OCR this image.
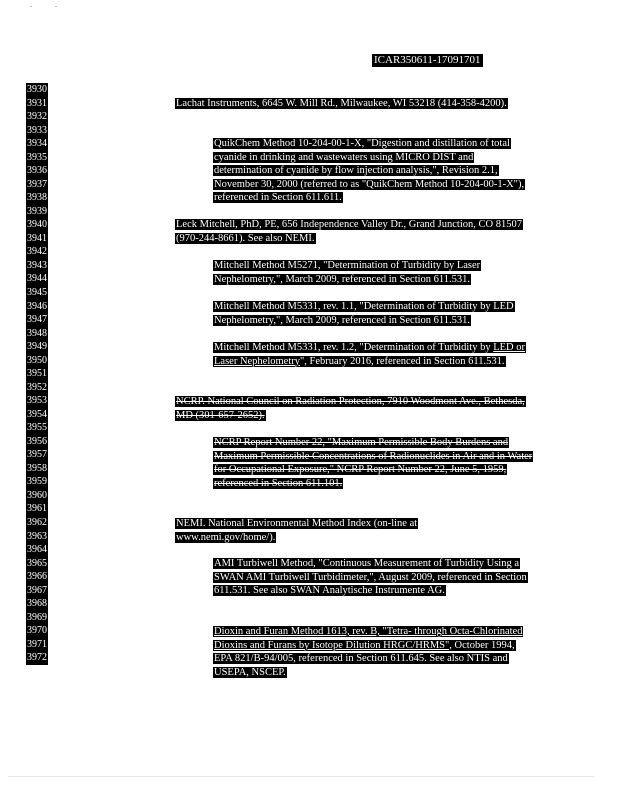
ICAR350611-17091701
3930
3931
3932
3933
3934
3935
3936
3937
3938
3939
3940
3941
3942
3943
3944
3945
3946
3947
3948
3949
3950
3951
3952
3953
3954
3955
3956
3957
3958
3959
3960
3961
3962
3963
3964
3965
3966
3967
3968
3969
3970
3971
3972

Lachat Instruments, 6645 W. Mill Rd., Milwaukee, WI 53218 (414-358-4200).

QuikChem Method 10-204-00-1-X, "Digestion and distillation of total cyanide in drinking and wastewaters using MICRO DIST and determination of cyanide by flow injection analysis,", Revision 2.1, November 30, 2000 (referred to as "QuikChem Method 10-204-00-1-X"), referenced in Section 611.611.

Leck Mitchell, PhD, PE, 656 Independence Valley Dr., Grand Junction, CO 81507 (970-244-8661). See also NEMI.

Mitchell Method M5271, "Determination of Turbidity by Laser Nephelometry,", March 2009, referenced in Section 611.531.

Mitchell Method M5331, rev. 1.1, "Determination of Turbidity by LED Nephelometry,", March 2009, referenced in Section 611.531.

Mitchell Method M5331, rev. 1.2, "Determination of Turbidity by LED or Laser Nephelometry", February 2016, referenced in Section 611.531.

NCRP. National Council on Radiation Protection, 7910 Woodmont Ave., Bethesda, MD (301-657-2652).

NCRP Report Number 22, "Maximum Permissible Body Burdens and Maximum Permissible Concentrations of Radionuclides in Air and in Water for Occupational Exposure," NCRP Report Number 22, June 5, 1959, referenced in Section 611.101.

NEMI. National Environmental Method Index (on-line at www.nemi.gov/home/).

AMI Turbiwell Method, "Continuous Measurement of Turbidity Using a SWAN AMI Turbiwell Turbidimeter,", August 2009, referenced in Section 611.531. See also SWAN Analytische Instrumente AG.

Dioxin and Furan Method 1613, rev. B, "Tetra- through Octa-Chlorinated Dioxins and Furans by Isotope Dilution HRGC/HRMS", October 1994, EPA 821/B-94/005, referenced in Section 611.645. See also NTIS and USEPA, NSCEP.
